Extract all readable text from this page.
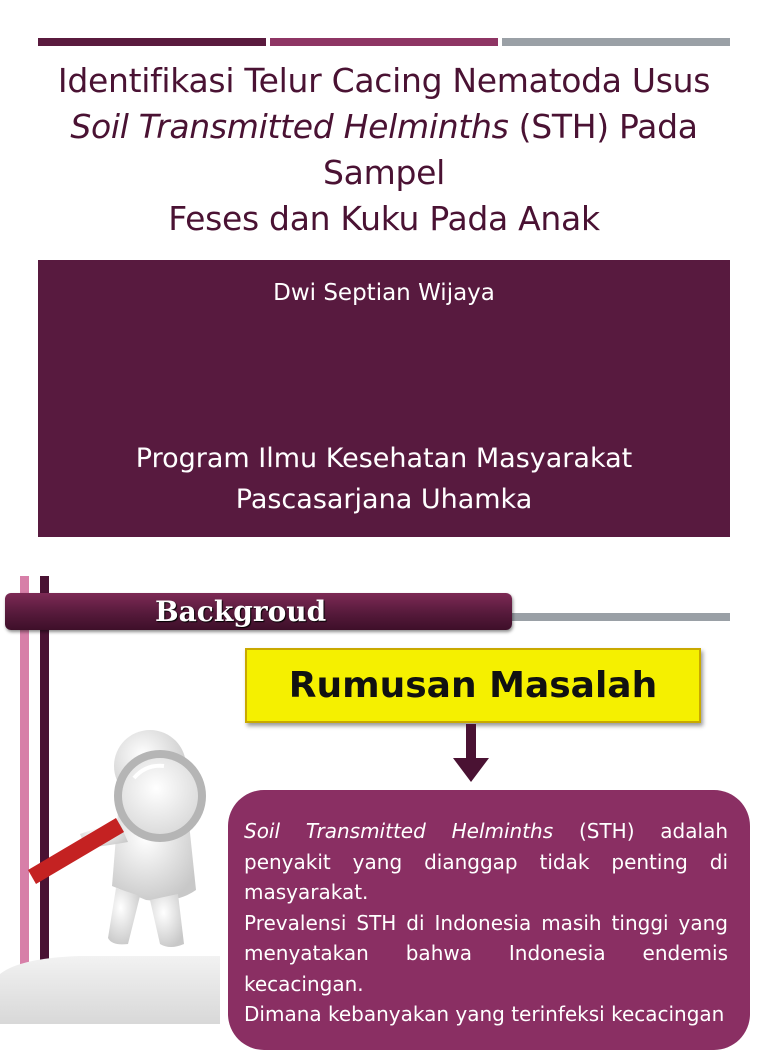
Identifikasi Telur Cacing Nematoda Usus
Soil Transmitted Helminths (STH) Pada Sampel
Feses dan Kuku Pada Anak
Dwi Septian Wijaya
Program Ilmu Kesehatan Masyarakat
Pascasarjana Uhamka
Backgroud
Rumusan Masalah

Soil Transmitted Helminths (STH) adalah penyakit yang dianggap tidak penting di masyarakat.

Prevalensi STH di Indonesia masih tinggi yang menyatakan bahwa Indonesia endemis kecacingan.

Dimana kebanyakan yang terinfeksi kecacingan
